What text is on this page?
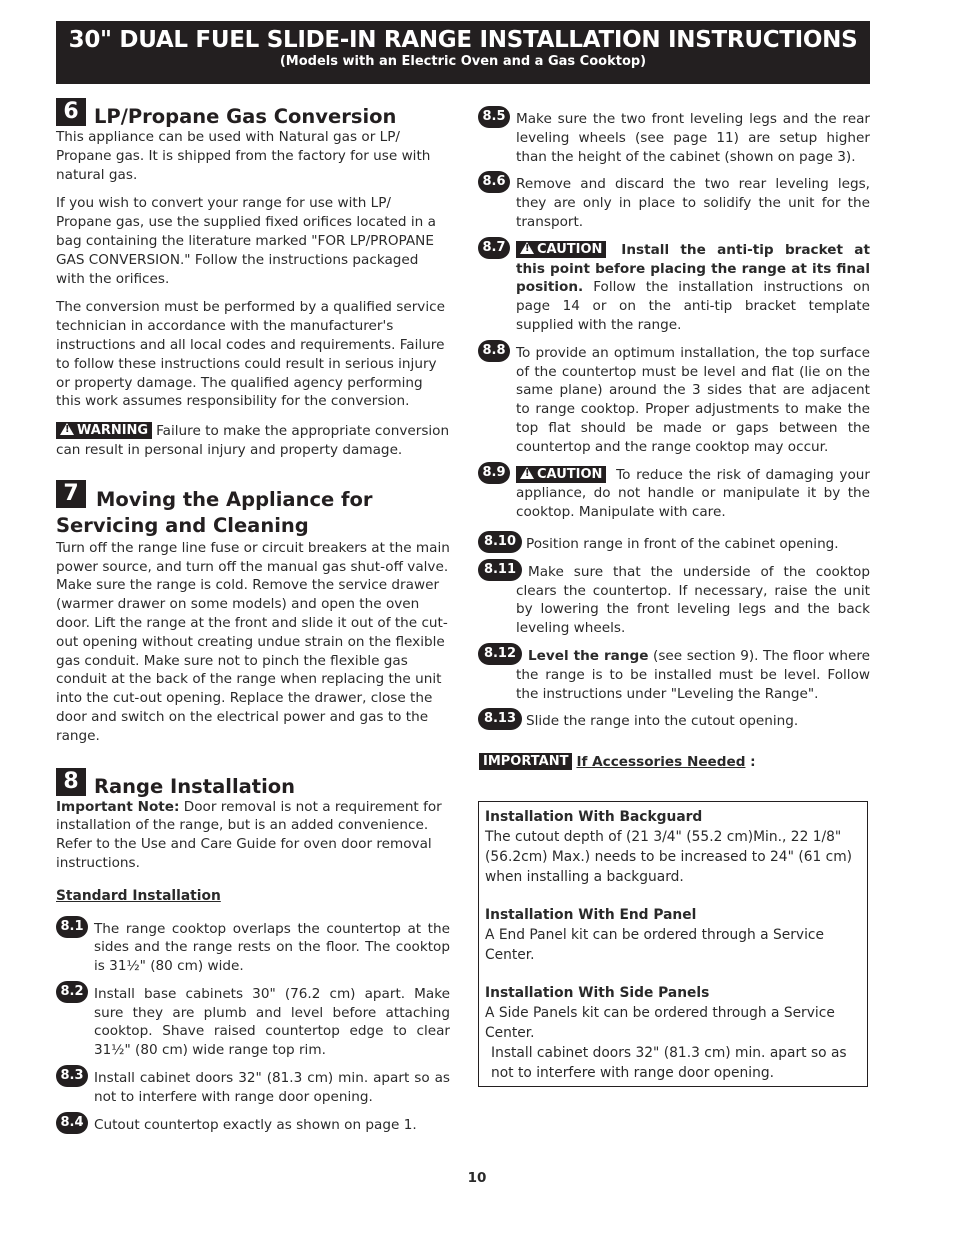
30" DUAL FUEL SLIDE-IN RANGE INSTALLATION INSTRUCTIONS
(Models with an Electric Oven and a Gas Cooktop)
6 LP/Propane Gas Conversion

This appliance can be used with Natural gas or LP/ Propane gas. It is shipped from the factory for use with natural gas.

If you wish to convert your range for use with LP/ Propane gas, use the supplied fixed orifices located in a bag containing the literature marked "FOR LP/PROPANE GAS CONVERSION." Follow the instructions packaged with the orifices.

The conversion must be performed by a qualified service technician in accordance with the manufacturer's instructions and all local codes and requirements. Failure to follow these instructions could result in serious injury or property damage. The qualified agency performing this work assumes responsibility for the conversion.

!WARNING Failure to make the appropriate conversion can result in personal injury and property damage.

7 Moving the Appliance for Servicing and Cleaning

Turn off the range line fuse or circuit breakers at the main power source, and turn off the manual gas shut-off valve. Make sure the range is cold. Remove the service drawer (warmer drawer on some models) and open the oven door. Lift the range at the front and slide it out of the cut-out opening without creating undue strain on the flexible gas conduit. Make sure not to pinch the flexible gas conduit at the back of the range when replacing the unit into the cut-out opening. Replace the drawer, close the door and switch on the electrical power and gas to the range.

8 Range Installation

Important Note: Door removal is not a requirement for installation of the range, but is an added convenience. Refer to the Use and Care Guide for oven door removal instructions.

Standard Installation
8.1 The range cooktop overlaps the countertop at the sides and the range rests on the floor. The cooktop is 31½" (80 cm) wide.
8.2 Install base cabinets 30" (76.2 cm) apart. Make sure they are plumb and level before attaching cooktop. Shave raised countertop edge to clear 31½" (80 cm) wide range top rim.
8.3 Install cabinet doors 32" (81.3 cm) min. apart so as not to interfere with range door opening.
8.4 Cutout countertop exactly as shown on page 1.
8.5 Make sure the two front leveling legs and the rear leveling wheels (see page 11) are setup higher than the height of the cabinet (shown on page 3).
8.6 Remove and discard the two rear leveling legs, they are only in place to solidify the unit for the transport.
8.7 !	CAUTION Install the anti-tip bracket at this point before placing the range at its final position. Follow the installation instructions on page 14 or on the anti-tip bracket template supplied with the range.
8.8 To provide an optimum installation, the top surface of the countertop must be level and flat (lie on the same plane) around the 3 sides that are adjacent to range cooktop. Proper adjustments to make the top flat should be made or gaps between the countertop and the range cooktop may occur.
8.9 !	CAUTION To reduce the risk of damaging your appliance, do not handle or manipulate it by the cooktop. Manipulate with care.
8.10 Position range in front of the cabinet opening.
8.11 Make sure that the underside of the cooktop clears the countertop. If necessary, raise the unit by lowering the front leveling legs and the back leveling wheels.
8.12 Level the range (see section 9). The floor where the range is to be installed must be level. Follow the instructions under "Leveling the Range".
8.13 Slide the range into the cutout opening.
IMPORTANT If Accessories Needed :
Installation With Backguard

The cutout depth of (21 3/4" (55.2 cm)Min., 22 1/8" (56.2cm) Max.) needs to be increased to 24" (61 cm) when installing a backguard.

Installation With End Panel

A End Panel kit can be ordered through a Service Center.

Installation With Side Panels
A Side Panels kit can be ordered through a Service Center.
Install cabinet doors 32" (81.3 cm) min. apart so as not to interfere with range door opening.
10
